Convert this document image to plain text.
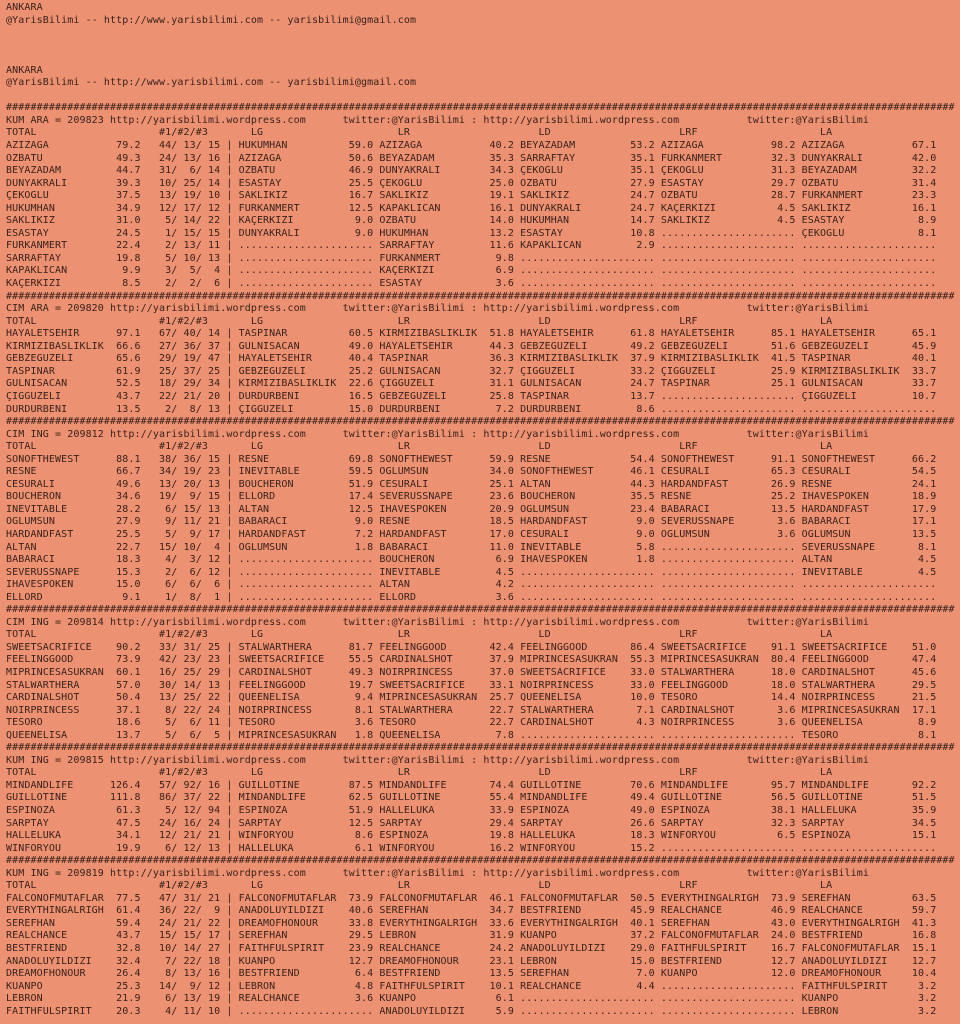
ANKARA
@YarisBilimi -- http://www.yarisbilimi.com -- yarisbilimi@gmail.com
ANKARA
@YarisBilimi -- http://www.yarisbilimi.com -- yarisbilimi@gmail.com
###########################################################################################################################################################
KUM ARA = 209823 http://yarisbilimi.wordpress.com      twitter:@YarisBilimi : http://yarisbilimi.wordpress.com           twitter:@YarisBilimi
TOTAL                    #1/#2/#3       LG                      LR                     LD                     LRF                    LA
AZIZAGA           79.2   44/ 13/ 15 | HÜKÜMHAN          59.0 AZIZAGA           40.2 BEYAZADAM         53.2 AZIZAGA           98.2 AZIZAGA           67.1
ÖZBATU            49.3   24/ 13/ 16 | AZIZAGA           50.6 BEYAZADAM         35.3 SARRAFTAY         35.1 FURKANMERT        32.3 DÜNYAKRALI        42.0
BEYAZADAM         44.7   31/  6/ 14 | ÖZBATU            46.9 DÜNYAKRALI        34.3 ÇEKOGLU           35.1 ÇEKOGLU           31.3 BEYAZADAM         32.2
DÜNYAKRALI        39.3   10/ 25/ 14 | ESASTAY           25.5 ÇEKOGLU           25.0 ÖZBATU            27.9 ESASTAY           29.7 ÖZBATU            31.4
ÇEKOGLU           37.5   13/ 19/ 10 | SAKLIKIZ          16.7 SAKLIKIZ          19.1 SAKLIKIZ          24.7 ÖZBATU            28.7 FURKANMERT        23.3
HÜKÜMHAN          34.9   12/ 17/ 12 | FURKANMERT        12.5 KAPAKLICAN        16.1 DÜNYAKRALI        24.7 KAÇERKIZI          4.5 SAKLIKIZ          16.1
SAKLIKIZ          31.0    5/ 14/ 22 | KAÇERKIZI          9.0 ÖZBATU            14.0 HÜKÜMHAN          14.7 SAKLIKIZ           4.5 ESASTAY            8.9
ESASTAY           24.5    1/ 15/ 15 | DÜNYAKRALI         9.0 HÜKÜMHAN          13.2 ESASTAY           10.8 ...................... ÇEKOGLU            8.1
FURKANMERT        22.4    2/ 13/ 11 | ...................... SARRAFTAY         11.6 KAPAKLICAN         2.9 ...................... ......................
SARRAFTAY         19.8    5/ 10/ 13 | ...................... FURKANMERT         9.8 ...................... ...................... ......................
KAPAKLICAN         9.9    3/  5/  4 | ...................... KAÇERKIZI          6.9 ...................... ...................... ......................
KAÇERKIZI          8.5    2/  2/  6 | ...................... ESASTAY            3.6 ...................... ...................... ......................
###########################################################################################################################################################
CIM ARA = 209820 http://yarisbilimi.wordpress.com      twitter:@YarisBilimi : http://yarisbilimi.wordpress.com           twitter:@YarisBilimi
TOTAL                    #1/#2/#3       LG                      LR                     LD                     LRF                    LA
HAYALETSEHIR      97.1   67/ 40/ 14 | TASPINAR          60.5 KIRMIZIBASLIKLIK  51.8 HAYALETSEHIR      61.8 HAYALETSEHIR      85.1 HAYALETSEHIR      65.1
KIRMIZIBASLIKLIK  66.6   27/ 36/ 37 | GÜLNISACAN        49.0 HAYALETSEHIR      44.3 GEBZEGÜZELI       49.2 GEBZEGÜZELI       51.6 GEBZEGÜZELI       45.9
GEBZEGÜZELI       65.6   29/ 19/ 47 | HAYALETSEHIR      40.4 TASPINAR          36.3 KIRMIZIBASLIKLIK  37.9 KIRMIZIBASLIKLIK  41.5 TASPINAR          40.1
TASPINAR          61.9   25/ 37/ 25 | GEBZEGÜZELI       25.2 GÜLNISACAN        32.7 ÇIGGÜZELI         33.2 ÇIGGÜZELI         25.9 KIRMIZIBASLIKLIK  33.7
GÜLNISACAN        52.5   18/ 29/ 34 | KIRMIZIBASLIKLIK  22.6 ÇIGGÜZELI         31.1 GÜLNISACAN        24.7 TASPINAR          25.1 GÜLNISACAN        33.7
ÇIGGÜZELI         43.7   22/ 21/ 20 | DURDURBENI        16.5 GEBZEGÜZELI       25.8 TASPINAR          13.7 ...................... ÇIGGÜZELI         10.7
DURDURBENI        13.5    2/  8/ 13 | ÇIGGÜZELI         15.0 DURDURBENI         7.2 DURDURBENI         8.6 ...................... ......................
###########################################################################################################################################################
CIM ING = 209812 http://yarisbilimi.wordpress.com      twitter:@YarisBilimi : http://yarisbilimi.wordpress.com           twitter:@YarisBilimi
TOTAL                    #1/#2/#3       LG                      LR                     LD                     LRF                    LA
SONOFTHEWEST      88.1   38/ 36/ 15 | RESNE             69.8 SONOFTHEWEST      59.9 RESNE             54.4 SONOFTHEWEST      91.1 SONOFTHEWEST      66.2
RESNE             66.7   34/ 19/ 23 | INEVITABLE        59.5 OGLUMSUN          34.0 SONOFTHEWEST      46.1 CESURALI          65.3 CESURALI          54.5
CESURALI          49.6   13/ 20/ 13 | BOUCHERON         51.9 CESURALI          25.1 ALTAN             44.3 HARDANDFAST       26.9 RESNE             24.1
BOUCHERON         34.6   19/  9/ 15 | ELLORD            17.4 SEVERUSSNAPE      23.6 BOUCHERON         35.5 RESNE             25.2 IHAVESPOKEN       18.9
INEVITABLE        28.2    6/ 15/ 13 | ALTAN             12.5 IHAVESPOKEN       20.9 OGLUMSUN          23.4 BABARACI          13.5 HARDANDFAST       17.9
OGLUMSUN          27.9    9/ 11/ 21 | BABARACI           9.0 RESNE             18.5 HARDANDFAST        9.0 SEVERUSSNAPE       3.6 BABARACI          17.1
HARDANDFAST       25.5    5/  9/ 17 | HARDANDFAST        7.2 HARDANDFAST       17.0 CESURALI           9.0 OGLUMSUN           3.6 OGLUMSUN          13.5
ALTAN             22.7   15/ 10/  4 | OGLUMSUN           1.8 BABARACI          11.0 INEVITABLE         5.8 ...................... SEVERUSSNAPE       8.1
BABARACI          18.3    4/  3/ 12 | ...................... BOUCHERON          6.9 IHAVESPOKEN        1.8 ...................... ALTAN              4.5
SEVERUSSNAPE      15.3    2/  6/ 12 | ...................... INEVITABLE         4.5 ...................... ...................... INEVITABLE         4.5
IHAVESPOKEN       15.0    6/  6/  6 | ...................... ALTAN              4.2 ...................... ...................... ......................
ELLORD             9.1    1/  8/  1 | ...................... ELLORD             3.6 ...................... ...................... ......................
###########################################################################################################################################################
CIM ING = 209814 http://yarisbilimi.wordpress.com      twitter:@YarisBilimi : http://yarisbilimi.wordpress.com           twitter:@YarisBilimi
TOTAL                    #1/#2/#3       LG                      LR                     LD                     LRF                    LA
SWEETSACRIFICE    90.2   33/ 31/ 25 | STALWARTHERA      81.7 FEELINGGOOD       42.4 FEELINGGOOD       86.4 SWEETSACRIFICE    91.1 SWEETSACRIFICE    51.0
FEELINGGOOD       73.9   42/ 23/ 23 | SWEETSACRIFICE    55.5 CARDINALSHOT      37.9 MIPRINCESASÜKRAN  55.3 MIPRINCESASÜKRAN  80.4 FEELINGGOOD       47.4
MIPRINCESASÜKRAN  60.1   16/ 25/ 29 | CARDINALSHOT      49.3 NOIRPRINCESS      37.0 SWEETSACRIFICE    33.0 STALWARTHERA      18.0 CARDINALSHOT      45.6
STALWARTHERA      57.0   30/ 14/ 13 | FEELINGGOOD       19.7 SWEETSACRIFICE    33.1 NOIRPRINCESS      33.0 FEELINGGOOD       18.0 STALWARTHERA      29.5
CARDINALSHOT      50.4   13/ 25/ 22 | QUEENELISA         9.4 MIPRINCESASÜKRAN  25.7 QUEENELISA        10.0 TESORO            14.4 NOIRPRINCESS      21.5
NOIRPRINCESS      37.1    8/ 22/ 24 | NOIRPRINCESS       8.1 STALWARTHERA      22.7 STALWARTHERA       7.1 CARDINALSHOT       3.6 MIPRINCESASÜKRAN  17.1
TESORO            18.6    5/  6/ 11 | TESORO             3.6 TESORO            22.7 CARDINALSHOT       4.3 NOIRPRINCESS       3.6 QUEENELISA         8.9
QUEENELISA        13.7    5/  6/  5 | MIPRINCESASÜKRAN   1.8 QUEENELISA         7.8 ...................... ...................... TESORO             8.1
###########################################################################################################################################################
KUM ING = 209815 http://yarisbilimi.wordpress.com      twitter:@YarisBilimi : http://yarisbilimi.wordpress.com           twitter:@YarisBilimi
TOTAL                    #1/#2/#3       LG                      LR                     LD                     LRF                    LA
MINDANDLIFE      126.4   57/ 92/ 16 | GUILLOTINE        87.5 MINDANDLIFE       74.4 GUILLOTINE        70.6 MINDANDLIFE       95.7 MINDANDLIFE       92.2
GUILLOTINE       111.8   86/ 37/ 22 | MINDANDLIFE       62.5 GUILLOTINE        55.4 MINDANDLIFE       49.4 GUILLOTINE        56.5 GUILLOTINE        51.5
ESPINOZA          61.3    5/ 12/ 94 | ESPINOZA          51.9 HALLELUKA         33.9 ESPINOZA          49.0 ESPINOZA          38.1 HALLELUKA         35.9
SARPTAY           47.5   24/ 16/ 24 | SARPTAY           12.5 SARPTAY           29.4 SARPTAY           26.6 SARPTAY           32.3 SARPTAY           34.5
HALLELUKA         34.1   12/ 21/ 21 | WINFORYOU          8.6 ESPINOZA          19.8 HALLELUKA         18.3 WINFORYOU          6.5 ESPINOZA          15.1
WINFORYOU         19.9    6/ 12/ 13 | HALLELUKA          6.1 WINFORYOU         16.2 WINFORYOU         15.2 ...................... ......................
###########################################################################################################################################################
KUM ING = 209819 http://yarisbilimi.wordpress.com      twitter:@YarisBilimi : http://yarisbilimi.wordpress.com           twitter:@YarisBilimi
TOTAL                    #1/#2/#3       LG                      LR                     LD                     LRF                    LA
FALCONOFMUTAFLAR  77.5   47/ 31/ 21 | FALCONOFMUTAFLAR  73.9 FALCONOFMUTAFLAR  46.1 FALCONOFMUTAFLAR  50.5 EVERYTHINGALRIGH  73.9 SEREFHAN          63.5
EVERYTHINGALRIGH  61.4   36/ 22/  9 | ANADOLUYILDIZI    40.6 SEREFHAN          34.7 BESTFRIEND        45.9 REALCHANCE        46.9 REALCHANCE        59.7
SEREFHAN          59.4   24/ 21/ 22 | DREAMOFHONOUR     33.8 EVERYTHINGALRIGH  33.6 EVERYTHINGALRIGH  40.1 SEREFHAN          43.0 EVERYTHINGALRIGH  41.3
REALCHANCE        43.7   15/ 15/ 17 | SEREFHAN          29.5 LEBRON            31.9 KUANPO            37.2 FALCONOFMUTAFLAR  24.0 BESTFRIEND        16.8
BESTFRIEND        32.8   10/ 14/ 27 | FAITHFULSPIRIT    23.9 REALCHANCE        24.2 ANADOLUYILDIZI    29.0 FAITHFULSPIRIT    16.7 FALCONOFMUTAFLAR  15.1
ANADOLUYILDIZI    32.4    7/ 22/ 18 | KUANPO            12.7 DREAMOFHONOUR     23.1 LEBRON            15.0 BESTFRIEND        12.7 ANADOLUYILDIZI    12.7
DREAMOFHONOUR     26.4    8/ 13/ 16 | BESTFRIEND         6.4 BESTFRIEND        13.5 SEREFHAN           7.0 KUANPO            12.0 DREAMOFHONOUR     10.4
KUANPO            25.3   14/  9/ 12 | LEBRON             4.8 FAITHFULSPIRIT    10.1 REALCHANCE         4.4 ...................... FAITHFULSPIRIT     3.2
LEBRON            21.9    6/ 13/ 19 | REALCHANCE         3.6 KUANPO             6.1 ...................... ...................... KUANPO             3.2
FAITHFULSPIRIT    20.3    4/ 11/ 10 | ...................... ANADOLUYILDIZI     5.9 ...................... ...................... LEBRON             3.2
